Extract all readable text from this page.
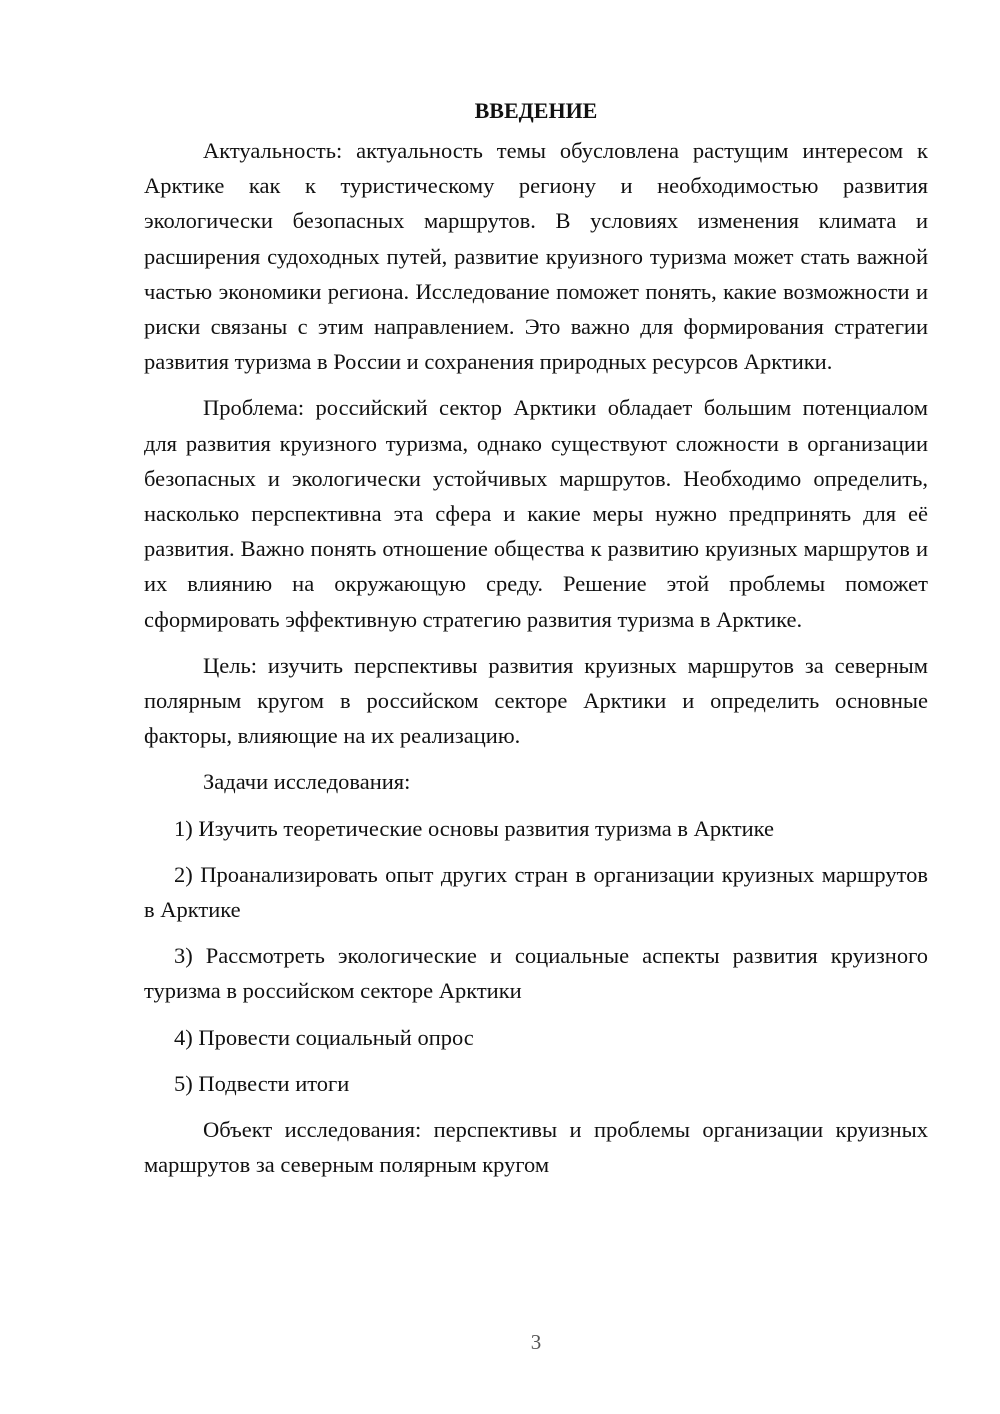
ВВЕДЕНИЕ

Актуальность: актуальность темы обусловлена растущим интересом к Арктике как к туристическому региону и необходимостью развития экологически безопасных маршрутов. В условиях изменения климата и расширения судоходных путей, развитие круизного туризма может стать важной частью экономики региона. Исследование поможет понять, какие возможности и риски связаны с этим направлением. Это важно для формирования стратегии развития туризма в России и сохранения природных ресурсов Арктики.

Проблема: российский сектор Арктики обладает большим потенциалом для развития круизного туризма, однако существуют сложности в организации безопасных и экологически устойчивых маршрутов. Необходимо определить, насколько перспективна эта сфера и какие меры нужно предпринять для её развития. Важно понять отношение общества к развитию круизных маршрутов и их влиянию на окружающую среду. Решение этой проблемы поможет сформировать эффективную стратегию развития туризма в Арктике.

Цель: изучить перспективы развития круизных маршрутов за северным полярным кругом в российском секторе Арктики и определить основные факторы, влияющие на их реализацию.

Задачи исследования:

1) Изучить теоретические основы развития туризма в Арктике

2) Проанализировать опыт других стран в организации круизных маршрутов в Арктике

3) Рассмотреть экологические и социальные аспекты развития круизного туризма в российском секторе Арктики

4) Провести социальный опрос

5) Подвести итоги

Объект исследования: перспективы и проблемы организации круизных маршрутов за северным полярным кругом

3
